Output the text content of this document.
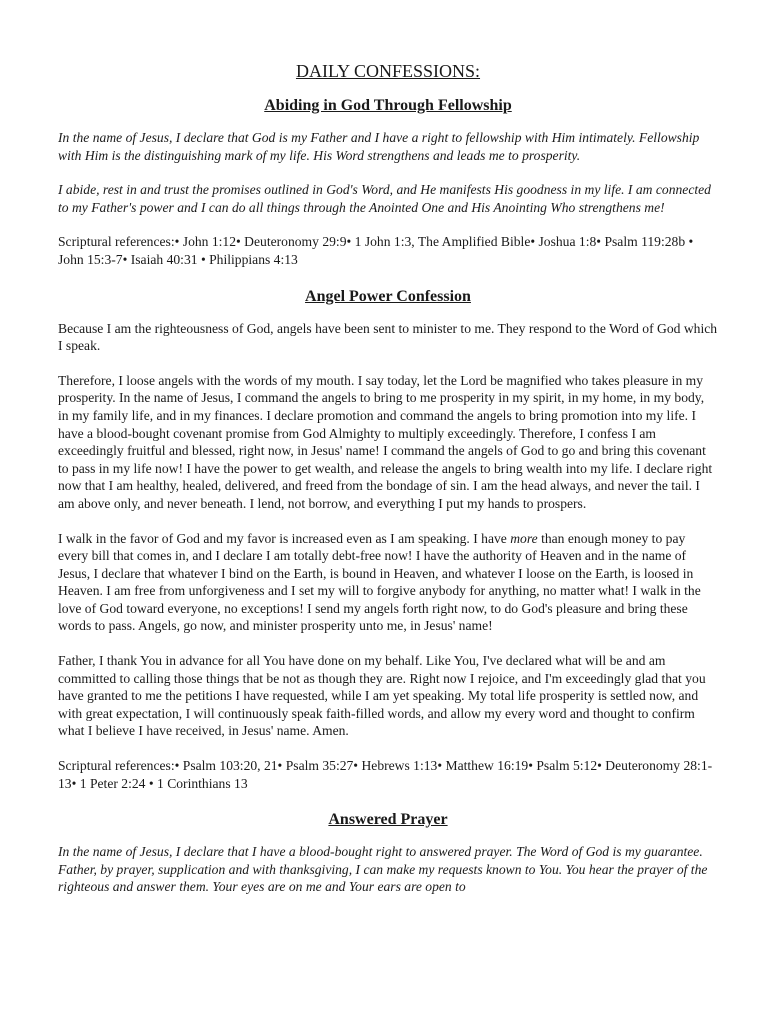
DAILY CONFESSIONS:
Abiding in God Through Fellowship

In the name of Jesus, I declare that God is my Father and I have a right to fellowship with Him intimately. Fellowship with Him is the distinguishing mark of my life. His Word strengthens and leads me to prosperity.

I abide, rest in and trust the promises outlined in God's Word, and He manifests His goodness in my life. I am connected to my Father's power and I can do all things through the Anointed One and His Anointing Who strengthens me!

Scriptural references:• John 1:12• Deuteronomy 29:9• 1 John 1:3, The Amplified Bible• Joshua 1:8• Psalm 119:28b • John 15:3-7• Isaiah 40:31 • Philippians 4:13

Angel Power Confession

Because I am the righteousness of God, angels have been sent to minister to me. They respond to the Word of God which I speak.

Therefore, I loose angels with the words of my mouth. I say today, let the Lord be magnified who takes pleasure in my prosperity. In the name of Jesus, I command the angels to bring to me prosperity in my spirit, in my home, in my body, in my family life, and in my finances. I declare promotion and command the angels to bring promotion into my life. I have a blood-bought covenant promise from God Almighty to multiply exceedingly. Therefore, I confess I am exceedingly fruitful and blessed, right now, in Jesus' name! I command the angels of God to go and bring this covenant to pass in my life now! I have the power to get wealth, and release the angels to bring wealth into my life. I declare right now that I am healthy, healed, delivered, and freed from the bondage of sin. I am the head always, and never the tail. I am above only, and never beneath. I lend, not borrow, and everything I put my hands to prospers.

I walk in the favor of God and my favor is increased even as I am speaking. I have more than enough money to pay every bill that comes in, and I declare I am totally debt-free now! I have the authority of Heaven and in the name of Jesus, I declare that whatever I bind on the Earth, is bound in Heaven, and whatever I loose on the Earth, is loosed in Heaven. I am free from unforgiveness and I set my will to forgive anybody for anything, no matter what! I walk in the love of God toward everyone, no exceptions! I send my angels forth right now, to do God's pleasure and bring these words to pass. Angels, go now, and minister prosperity unto me, in Jesus' name!

Father, I thank You in advance for all You have done on my behalf. Like You, I've declared what will be and am committed to calling those things that be not as though they are. Right now I rejoice, and I'm exceedingly glad that you have granted to me the petitions I have requested, while I am yet speaking. My total life prosperity is settled now, and with great expectation, I will continuously speak faith-filled words, and allow my every word and thought to confirm what I believe I have received, in Jesus' name. Amen.

Scriptural references:• Psalm 103:20, 21• Psalm 35:27• Hebrews 1:13• Matthew 16:19• Psalm 5:12• Deuteronomy 28:1-13• 1 Peter 2:24 • 1 Corinthians 13

Answered Prayer

In the name of Jesus, I declare that I have a blood-bought right to answered prayer. The Word of God is my guarantee. Father, by prayer, supplication and with thanksgiving, I can make my requests known to You. You hear the prayer of the righteous and answer them. Your eyes are on me and Your ears are open to
